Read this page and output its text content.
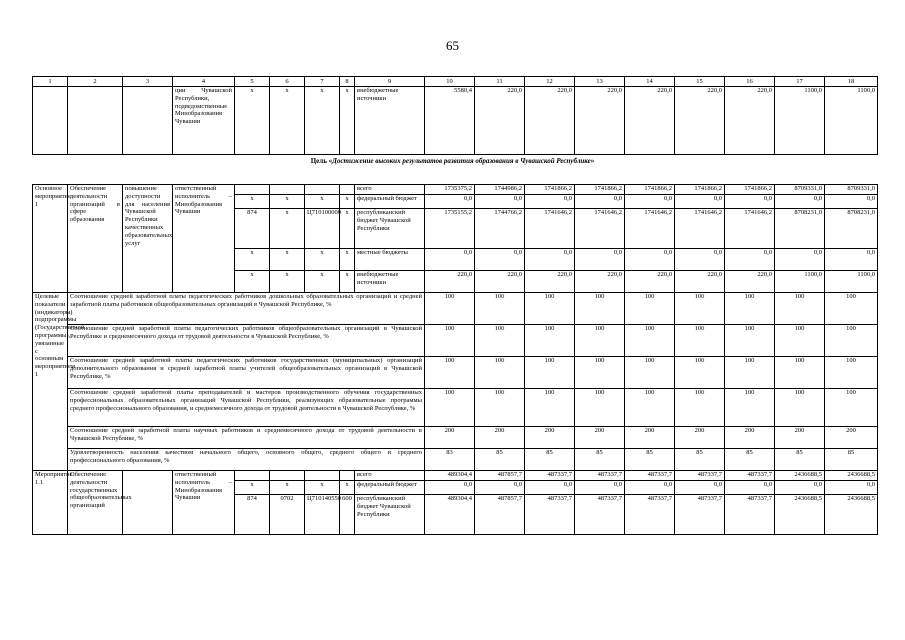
65
1	2	3	4	5	6	7	8	9	10	11	12	13	14	15	16	17	18
			ции Чувашской Республики, подведомственные Минобразования Чувашии	х	х	х	х	внебюджетные источники	5580,4	220,0	220,0	220,0	220,0	220,0	220,0	1100,0	1100,0
Цель «Достижение высоких результатов развития образования в Чувашской Республике»
Основное мероприятие 1	Обеспечение деятельности организаций в сфере образования	повышение доступности для населения Чувашской Республики качественных образовательных услуг	ответственный исполнитель – Минобразования Чувашии					всего	1735375,2	1744986,2	1741866,2	1741866,2	1741866,2	1741866,2	1741866,2	8709331,0	8709331,0
				х	х	х	х	федеральный бюджет	0,0	0,0	0,0	0,0	0,0	0,0	0,0	0,0	0,0
				874	х	Ц710100000	х	республиканский бюджет Чувашской Республики	1735155,2	1744766,2	1741646,2	1741646,2	1741646,2	1741646,2	1741646,2	8708231,0	8708231,0
				х	х	х	х	местные бюджеты	0,0	0,0	0,0	0,0	0,0	0,0	0,0	0,0	0,0
				х	х	х	х	внебюджетные источники	220,0	220,0	220,0	220,0	220,0	220,0	220,0	1100,0	1100,0
Целевые показатели (индикаторы) подпрограммы (Государственной программы), увязанные с основным мероприятием 1	Соотношение средней заработной платы педагогических работников дошкольных образовательных организаций и средней заработной платы работников общеобразовательных организаций в Чувашской Республике, %								100	100	100	100	100	100	100	100	100
	Соотношение средней заработной платы педагогических работников общеобразовательных организаций в Чувашской Республике и среднемесячного дохода от трудовой деятельности в Чувашской Республике, %								100	100	100	100	100	100	100	100	100
	Соотношение средней заработной платы педагогических работников государственных (муниципальных) организаций дополнительного образования и средней заработной платы учителей общеобразовательных организаций в Чувашской Республике, %								100	100	100	100	100	100	100	100	100
	Соотношение средней заработной платы преподавателей и мастеров производственного обучения государственных профессиональных образовательных организаций Чувашской Республики, реализующих образовательные программы среднего профессионального образования, и среднемесячного дохода от трудовой деятельности в Чувашской Республике, %								100	100	100	100	100	100	100	100	100
	Соотношение средней заработной платы научных работников и среднемесячного дохода от трудовой деятельности в Чувашской Республике, %								200	200	200	200	200	200	200	200	200
	Удовлетворенность населения качеством начального общего, основного общего, среднего общего и среднего профессионального образования, %								83	85	85	85	85	85	85	85	85
Мероприятие 1.1	Обеспечение деятельности государственных общеобразовательных организаций		ответственный исполнитель – Минобразования Чувашии					всего	489304,4	487857,7	487337,7	487337,7	487337,7	487337,7	487337,7	2436688,5	2436688,5
				х	х	х	х	федеральный бюджет	0,0	0,0	0,0	0,0	0,0	0,0	0,0	0,0	0,0
				874	0702	Ц710140550	600	республиканский бюджет Чувашской Республики	489304,4	487857,7	487337,7	487337,7	487337,7	487337,7	487337,7	2436688,5	2436688,5
